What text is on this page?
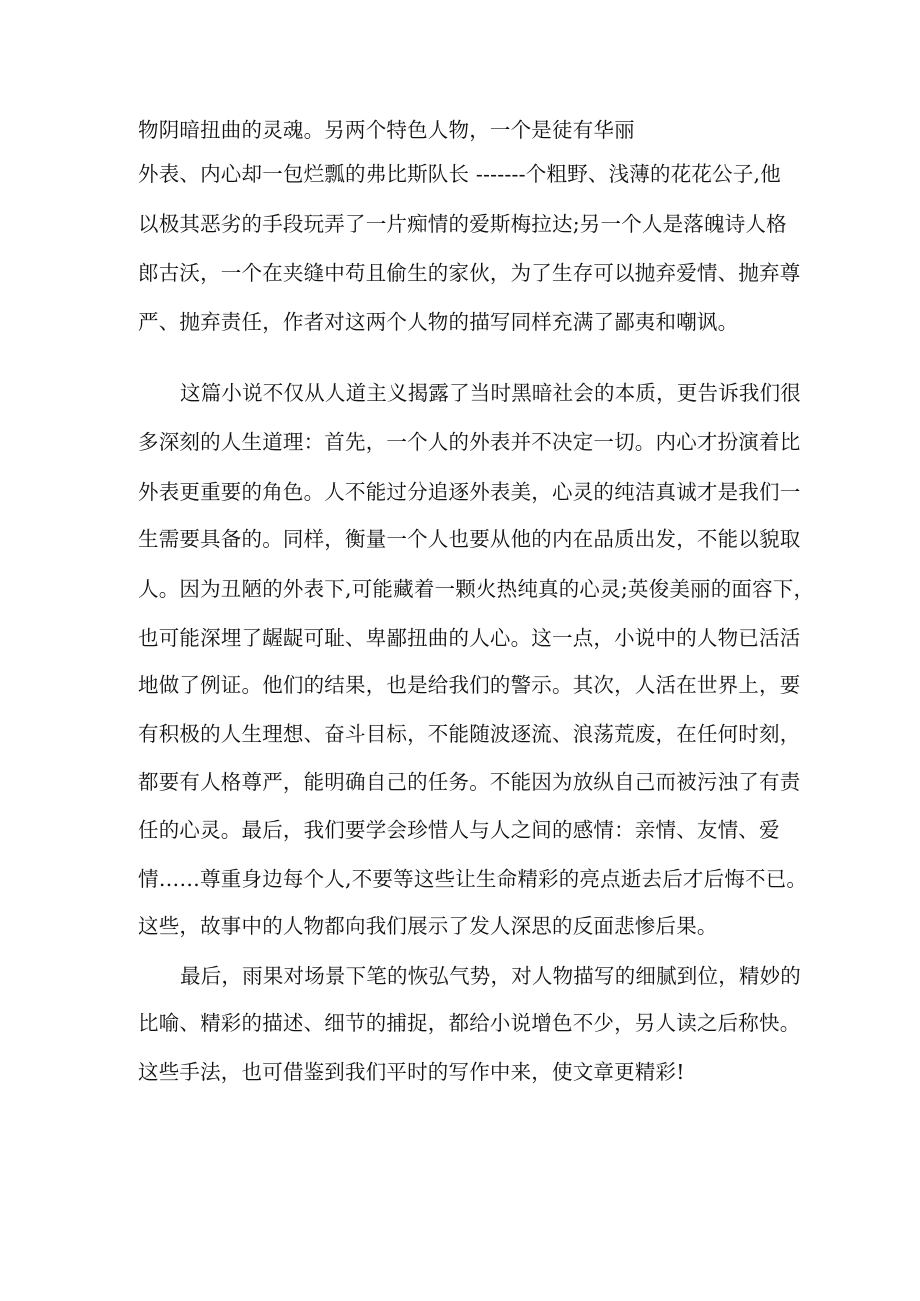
物阴暗扭曲的灵魂。另两个特色人物，一个是徒有华丽
外表、内心却一包烂瓢的弗比斯队长 -------个粗野、浅薄的花花公子,他
以极其恶劣的手段玩弄了一片痴情的爱斯梅拉达;另一个人是落魄诗人格
郎古沃，一个在夹缝中苟且偷生的家伙，为了生存可以抛弃爱情、抛弃尊
严、抛弃责任，作者对这两个人物的描写同样充满了鄙夷和嘲讽。
这篇小说不仅从人道主义揭露了当时黑暗社会的本质，更告诉我们很
多深刻的人生道理：首先，一个人的外表并不决定一切。内心才扮演着比
外表更重要的角色。人不能过分追逐外表美，心灵的纯洁真诚才是我们一
生需要具备的。同样，衡量一个人也要从他的内在品质出发，不能以貌取
人。因为丑陋的外表下,可能藏着一颗火热纯真的心灵;英俊美丽的面容下，
也可能深埋了龌龊可耻、卑鄙扭曲的人心。这一点，小说中的人物已活活
地做了例证。他们的结果，也是给我们的警示。其次，人活在世界上，要
有积极的人生理想、奋斗目标，不能随波逐流、浪荡荒废，在任何时刻，
都要有人格尊严，能明确自己的任务。不能因为放纵自己而被污浊了有责
任的心灵。最后，我们要学会珍惜人与人之间的感情：亲情、友情、爱
情……尊重身边每个人,不要等这些让生命精彩的亮点逝去后才后悔不已。
这些，故事中的人物都向我们展示了发人深思的反面悲惨后果。
最后，雨果对场景下笔的恢弘气势，对人物描写的细腻到位，精妙的
比喻、精彩的描述、细节的捕捉，都给小说增色不少，另人读之后称快。
这些手法，也可借鉴到我们平时的写作中来，使文章更精彩!
